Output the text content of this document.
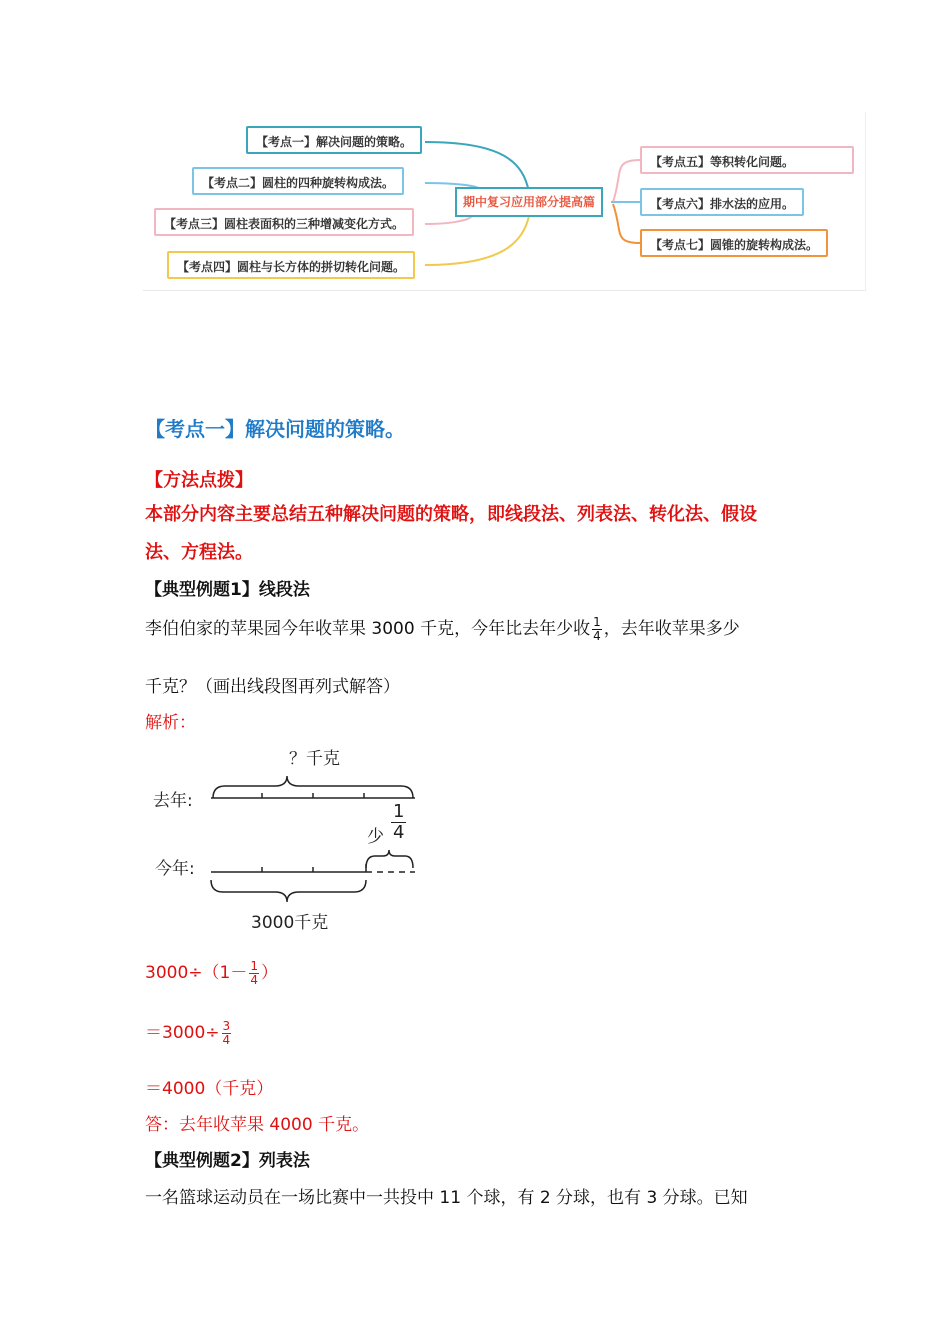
【考点一】解决问题的策略。
【考点二】圆柱的四种旋转构成法。
【考点三】圆柱表面积的三种增减变化方式。
【考点四】圆柱与长方体的拼切转化问题。
期中复习应用部分提高篇
【考点五】等积转化问题。
【考点六】排水法的应用。
【考点七】圆锥的旋转构成法。
【考点一】解决问题的策略。
【方法点拨】
本部分内容主要总结五种解决问题的策略，即线段法、列表法、转化法、假设
法、方程法。
【典型例题1】线段法
李伯伯家的苹果园今年收苹果 3000 千克，今年比去年少收 $\frac{1}{4}$ ，去年收苹果多少
千克？（画出线段图再列式解答）
解析：
？千克
去年:
少
1
4
今年:
3000千克
$3000\div(1- \frac{1}{4}$ ）
$=3000\div \frac{3}{4}$
＝4000（千克）
答：去年收苹果 4000 千克。
【典型例题2】列表法
一名篮球运动员在一场比赛中一共投中 11 个球，有 2 分球，也有 3 分球。已知
